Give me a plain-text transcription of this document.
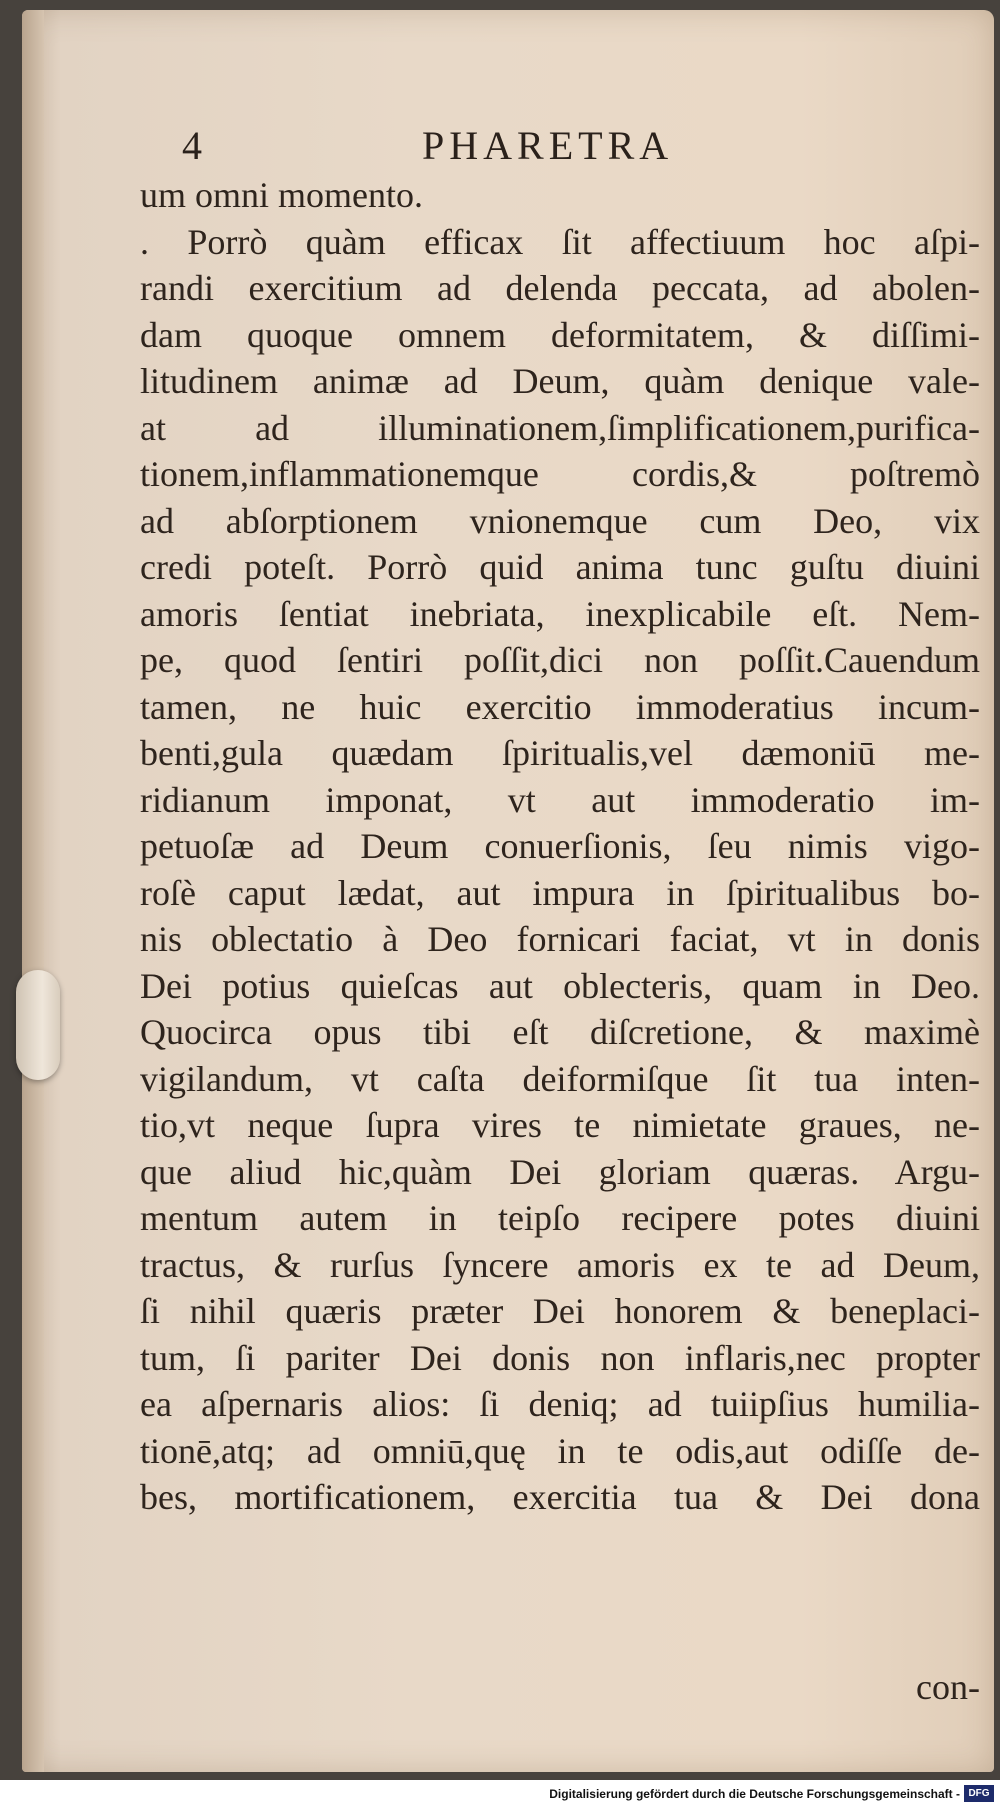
4	PHARETRA
um omni momento.
. Porrò quàm efficax ſit affectiuum hoc aſpi-
randi exercitium ad delenda peccata, ad abolen-
dam quoque omnem deformitatem, & diſſimi-
litudinem animæ ad Deum, quàm denique vale-
at ad illuminationem,ſimplificationem,purifica-
tionem,inflammationemque cordis,& poſtremò
ad abſorptionem vnionemque cum Deo, vix
credi poteſt. Porrò quid anima tunc guſtu diuini
amoris ſentiat inebriata, inexplicabile eſt. Nem-
pe, quod ſentiri poſſit,dici non poſſit.Cauendum
tamen, ne huic exercitio immoderatius incum-
benti,gula quædam ſpiritualis,vel dæmoniū me-
ridianum imponat, vt aut immoderatio im-
petuoſæ ad Deum conuerſionis, ſeu nimis vigo-
roſè caput lædat, aut impura in ſpiritualibus bo-
nis oblectatio à Deo fornicari faciat, vt in donis
Dei potius quieſcas aut oblecteris, quam in Deo.
Quocirca opus tibi eſt diſcretione, & maximè
vigilandum, vt caſta deiformiſque ſit tua inten-
tio,vt neque ſupra vires te nimietate graues, ne-
que aliud hic,quàm Dei gloriam quæras. Argu-
mentum autem in teipſo recipere potes diuini
tractus, & rurſus ſyncere amoris ex te ad Deum,
ſi nihil quæris præter Dei honorem & beneplaci-
tum, ſi pariter Dei donis non inflaris,nec propter
ea aſpernaris alios: ſi deniq; ad tuiipſius humilia-
tionē,atq; ad omniū,quę in te odis,aut odiſſe de-
bes, mortificationem, exercitia tua & Dei dona
con-
Digitalisierung gefördert durch die Deutsche Forschungsgemeinschaft - DFG
